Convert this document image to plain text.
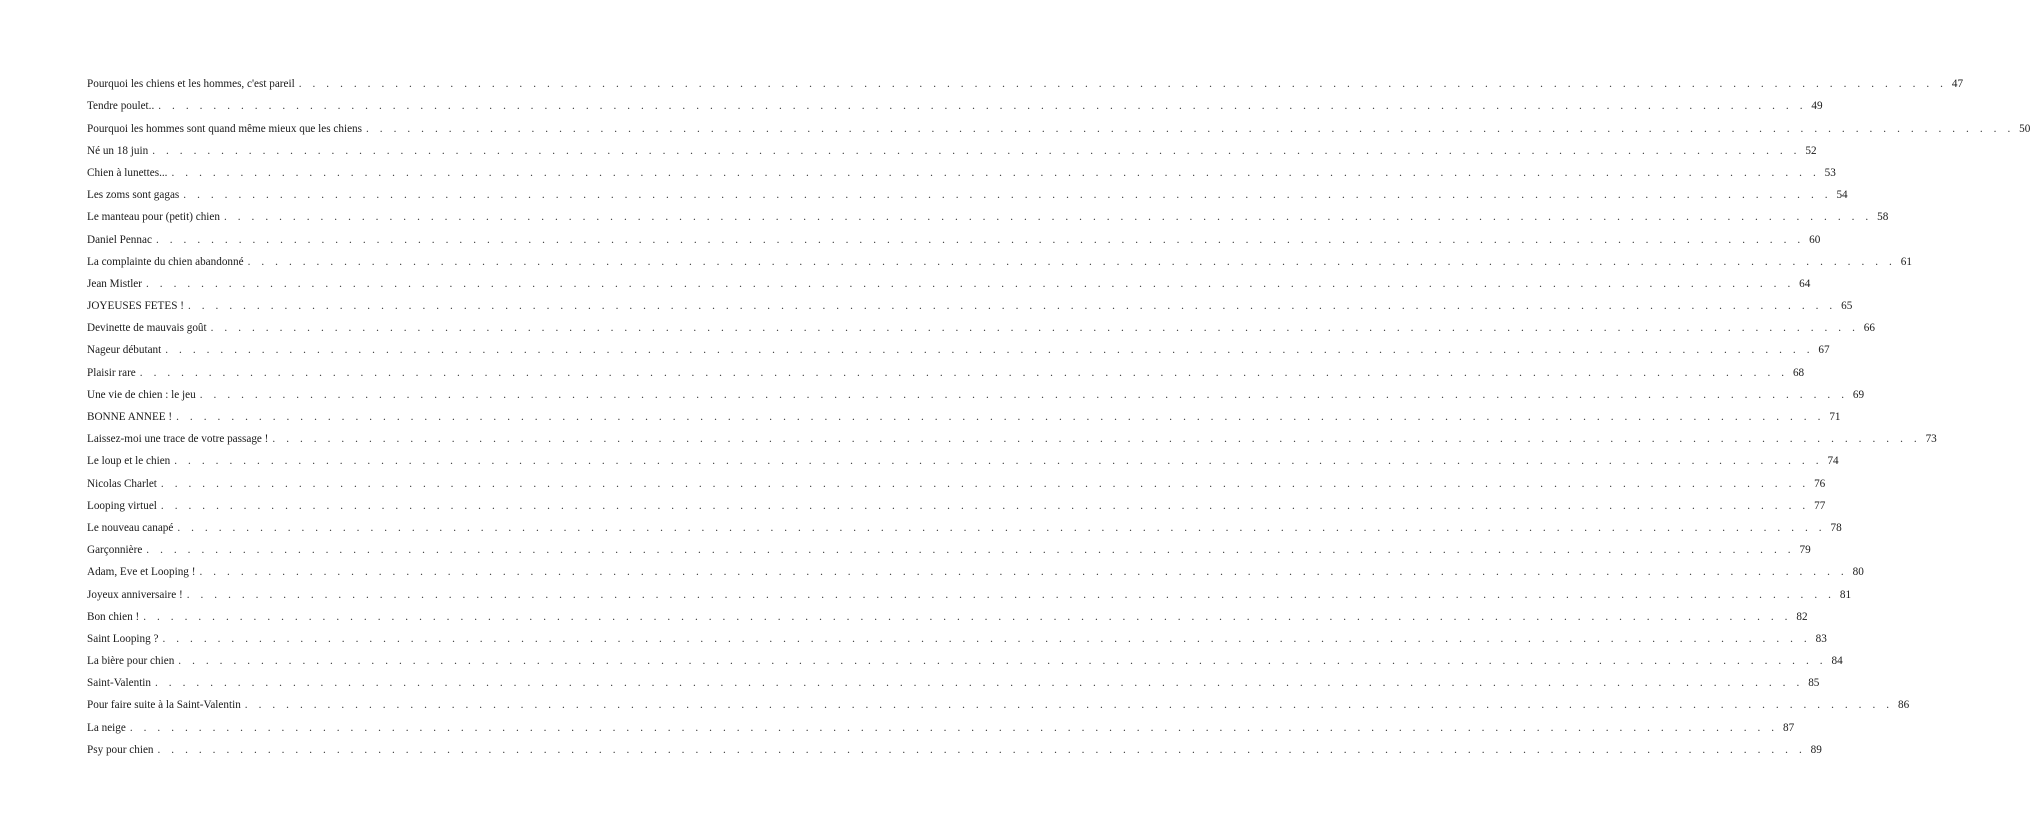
Pourquoi les chiens et les hommes, c'est pareil . . . . . . . . . . . . . . . . . . . . . . . . . . . . . . . . . . . . . . . . . . . . . . . . . . . . . . . . . . . . . . . . . . . . . . . . . . . . . . . . . . . . . . . . . . . . . . . . . . . . . . . . . . . . . . . . . . . . . . . . 47
Tendre poulet.. . . . . . . . . . . . . . . . . . . . . . . . . . . . . . . . . . . . . . . . . . . . . . . . . . . . . . . . . . . . . . . . . . . . . . . . . . . . . . . . . . . . . . . . . . . . . . . . . . . . . . . . . . . . . . . . . . . . . . . . . 49
Pourquoi les hommes sont quand même mieux que les chiens . . . . . . . . . . . . . . . . . . . . . . . . . . . . . . . . . . . . . . . . . . . . . . . . . . . . . . . . . . . . . . . . . . . . . . . . . . . . . . . . . . . . . . . . . . . . . . . . . . . . . . . . . . . . . . . . . . . . . . . . 50
Né un 18 juin . . . . . . . . . . . . . . . . . . . . . . . . . . . . . . . . . . . . . . . . . . . . . . . . . . . . . . . . . . . . . . . . . . . . . . . . . . . . . . . . . . . . . . . . . . . . . . . . . . . . . . . . . . . . . . . . . . . . . . . . 52
Chien à lunettes... . . . . . . . . . . . . . . . . . . . . . . . . . . . . . . . . . . . . . . . . . . . . . . . . . . . . . . . . . . . . . . . . . . . . . . . . . . . . . . . . . . . . . . . . . . . . . . . . . . . . . . . . . . . . . . . . . . . . . . . . 53
Les zoms sont gagas . . . . . . . . . . . . . . . . . . . . . . . . . . . . . . . . . . . . . . . . . . . . . . . . . . . . . . . . . . . . . . . . . . . . . . . . . . . . . . . . . . . . . . . . . . . . . . . . . . . . . . . . . . . . . . . . . . . . . . . . 54
Le manteau pour (petit) chien . . . . . . . . . . . . . . . . . . . . . . . . . . . . . . . . . . . . . . . . . . . . . . . . . . . . . . . . . . . . . . . . . . . . . . . . . . . . . . . . . . . . . . . . . . . . . . . . . . . . . . . . . . . . . . . . . . . . . . . . 58
Daniel Pennac . . . . . . . . . . . . . . . . . . . . . . . . . . . . . . . . . . . . . . . . . . . . . . . . . . . . . . . . . . . . . . . . . . . . . . . . . . . . . . . . . . . . . . . . . . . . . . . . . . . . . . . . . . . . . . . . . . . . . . . . 60
La complainte du chien abandonné . . . . . . . . . . . . . . . . . . . . . . . . . . . . . . . . . . . . . . . . . . . . . . . . . . . . . . . . . . . . . . . . . . . . . . . . . . . . . . . . . . . . . . . . . . . . . . . . . . . . . . . . . . . . . . . . . . . . . . . . 61
Jean Mistler . . . . . . . . . . . . . . . . . . . . . . . . . . . . . . . . . . . . . . . . . . . . . . . . . . . . . . . . . . . . . . . . . . . . . . . . . . . . . . . . . . . . . . . . . . . . . . . . . . . . . . . . . . . . . . . . . . . . . . . . 64
JOYEUSES FETES ! . . . . . . . . . . . . . . . . . . . . . . . . . . . . . . . . . . . . . . . . . . . . . . . . . . . . . . . . . . . . . . . . . . . . . . . . . . . . . . . . . . . . . . . . . . . . . . . . . . . . . . . . . . . . . . . . . . . . . . . . 65
Devinette de mauvais goût . . . . . . . . . . . . . . . . . . . . . . . . . . . . . . . . . . . . . . . . . . . . . . . . . . . . . . . . . . . . . . . . . . . . . . . . . . . . . . . . . . . . . . . . . . . . . . . . . . . . . . . . . . . . . . . . . . . . . . . . 66
Nageur débutant . . . . . . . . . . . . . . . . . . . . . . . . . . . . . . . . . . . . . . . . . . . . . . . . . . . . . . . . . . . . . . . . . . . . . . . . . . . . . . . . . . . . . . . . . . . . . . . . . . . . . . . . . . . . . . . . . . . . . . . . 67
Plaisir rare . . . . . . . . . . . . . . . . . . . . . . . . . . . . . . . . . . . . . . . . . . . . . . . . . . . . . . . . . . . . . . . . . . . . . . . . . . . . . . . . . . . . . . . . . . . . . . . . . . . . . . . . . . . . . . . . . . . . . . . . 68
Une vie de chien : le jeu . . . . . . . . . . . . . . . . . . . . . . . . . . . . . . . . . . . . . . . . . . . . . . . . . . . . . . . . . . . . . . . . . . . . . . . . . . . . . . . . . . . . . . . . . . . . . . . . . . . . . . . . . . . . . . . . . . . . . . . . 69
BONNE ANNEE ! . . . . . . . . . . . . . . . . . . . . . . . . . . . . . . . . . . . . . . . . . . . . . . . . . . . . . . . . . . . . . . . . . . . . . . . . . . . . . . . . . . . . . . . . . . . . . . . . . . . . . . . . . . . . . . . . . . . . . . . . 71
Laissez-moi une trace de votre passage ! . . . . . . . . . . . . . . . . . . . . . . . . . . . . . . . . . . . . . . . . . . . . . . . . . . . . . . . . . . . . . . . . . . . . . . . . . . . . . . . . . . . . . . . . . . . . . . . . . . . . . . . . . . . . . . . . . . . . . . . . 73
Le loup et le chien . . . . . . . . . . . . . . . . . . . . . . . . . . . . . . . . . . . . . . . . . . . . . . . . . . . . . . . . . . . . . . . . . . . . . . . . . . . . . . . . . . . . . . . . . . . . . . . . . . . . . . . . . . . . . . . . . . . . . . . . 74
Nicolas Charlet . . . . . . . . . . . . . . . . . . . . . . . . . . . . . . . . . . . . . . . . . . . . . . . . . . . . . . . . . . . . . . . . . . . . . . . . . . . . . . . . . . . . . . . . . . . . . . . . . . . . . . . . . . . . . . . . . . . . . . . . 76
Looping virtuel . . . . . . . . . . . . . . . . . . . . . . . . . . . . . . . . . . . . . . . . . . . . . . . . . . . . . . . . . . . . . . . . . . . . . . . . . . . . . . . . . . . . . . . . . . . . . . . . . . . . . . . . . . . . . . . . . . . . . . . . 77
Le nouveau canapé . . . . . . . . . . . . . . . . . . . . . . . . . . . . . . . . . . . . . . . . . . . . . . . . . . . . . . . . . . . . . . . . . . . . . . . . . . . . . . . . . . . . . . . . . . . . . . . . . . . . . . . . . . . . . . . . . . . . . . . . 78
Garçonnière . . . . . . . . . . . . . . . . . . . . . . . . . . . . . . . . . . . . . . . . . . . . . . . . . . . . . . . . . . . . . . . . . . . . . . . . . . . . . . . . . . . . . . . . . . . . . . . . . . . . . . . . . . . . . . . . . . . . . . . . 79
Adam, Eve et Looping ! . . . . . . . . . . . . . . . . . . . . . . . . . . . . . . . . . . . . . . . . . . . . . . . . . . . . . . . . . . . . . . . . . . . . . . . . . . . . . . . . . . . . . . . . . . . . . . . . . . . . . . . . . . . . . . . . . . . . . . . . 80
Joyeux anniversaire ! . . . . . . . . . . . . . . . . . . . . . . . . . . . . . . . . . . . . . . . . . . . . . . . . . . . . . . . . . . . . . . . . . . . . . . . . . . . . . . . . . . . . . . . . . . . . . . . . . . . . . . . . . . . . . . . . . . . . . . . . 81
Bon chien ! . . . . . . . . . . . . . . . . . . . . . . . . . . . . . . . . . . . . . . . . . . . . . . . . . . . . . . . . . . . . . . . . . . . . . . . . . . . . . . . . . . . . . . . . . . . . . . . . . . . . . . . . . . . . . . . . . . . . . . . . 82
Saint Looping ? . . . . . . . . . . . . . . . . . . . . . . . . . . . . . . . . . . . . . . . . . . . . . . . . . . . . . . . . . . . . . . . . . . . . . . . . . . . . . . . . . . . . . . . . . . . . . . . . . . . . . . . . . . . . . . . . . . . . . . . . 83
La bière pour chien . . . . . . . . . . . . . . . . . . . . . . . . . . . . . . . . . . . . . . . . . . . . . . . . . . . . . . . . . . . . . . . . . . . . . . . . . . . . . . . . . . . . . . . . . . . . . . . . . . . . . . . . . . . . . . . . . . . . . . . . 84
Saint-Valentin . . . . . . . . . . . . . . . . . . . . . . . . . . . . . . . . . . . . . . . . . . . . . . . . . . . . . . . . . . . . . . . . . . . . . . . . . . . . . . . . . . . . . . . . . . . . . . . . . . . . . . . . . . . . . . . . . . . . . . . . 85
Pour faire suite à la Saint-Valentin . . . . . . . . . . . . . . . . . . . . . . . . . . . . . . . . . . . . . . . . . . . . . . . . . . . . . . . . . . . . . . . . . . . . . . . . . . . . . . . . . . . . . . . . . . . . . . . . . . . . . . . . . . . . . . . . . . . . . . . . 86
La neige . . . . . . . . . . . . . . . . . . . . . . . . . . . . . . . . . . . . . . . . . . . . . . . . . . . . . . . . . . . . . . . . . . . . . . . . . . . . . . . . . . . . . . . . . . . . . . . . . . . . . . . . . . . . . . . . . . . . . . . . 87
Psy pour chien . . . . . . . . . . . . . . . . . . . . . . . . . . . . . . . . . . . . . . . . . . . . . . . . . . . . . . . . . . . . . . . . . . . . . . . . . . . . . . . . . . . . . . . . . . . . . . . . . . . . . . . . . . . . . . . . . . . . . . . . 89
